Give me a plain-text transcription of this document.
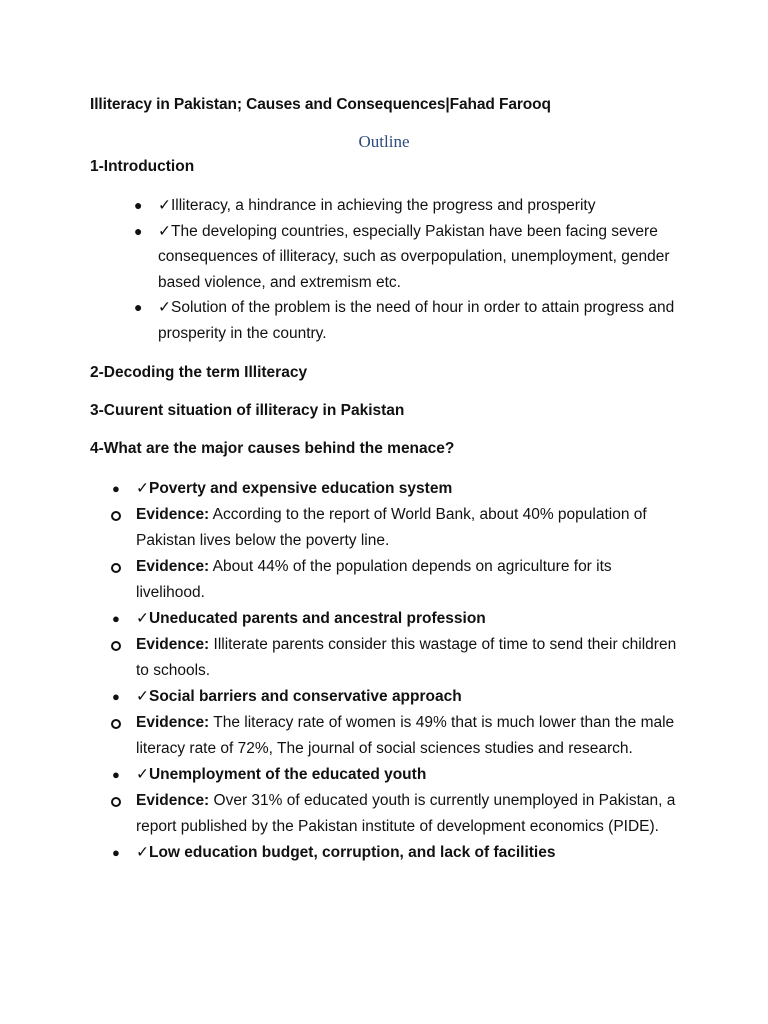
Illiteracy in Pakistan; Causes and Consequences|Fahad Farooq
Outline
1-Introduction
● ✓Illiteracy, a hindrance in achieving the progress and prosperity
● ✓The developing countries, especially Pakistan have been facing severe consequences of illiteracy, such as overpopulation, unemployment, gender based violence, and extremism etc.
● ✓Solution of the problem is the need of hour in order to attain progress and prosperity in the country.
2-Decoding the term Illiteracy
3-Cuurent situation of illiteracy in Pakistan
4-What are the major causes behind the menace?
● ✓Poverty and expensive education system
Evidence: According to the report of World Bank, about 40% population of Pakistan lives below the poverty line.
Evidence: About 44% of the population depends on agriculture for its livelihood.
● ✓Uneducated parents and ancestral profession
Evidence: Illiterate parents consider this wastage of time to send their children to schools.
● ✓Social barriers and conservative approach
Evidence: The literacy rate of women is 49% that is much lower than the male literacy rate of 72%, The journal of social sciences studies and research.
● ✓Unemployment of the educated youth
Evidence: Over 31% of educated youth is currently unemployed in Pakistan, a report published by the Pakistan institute of development economics (PIDE).
● ✓Low education budget, corruption, and lack of facilities
